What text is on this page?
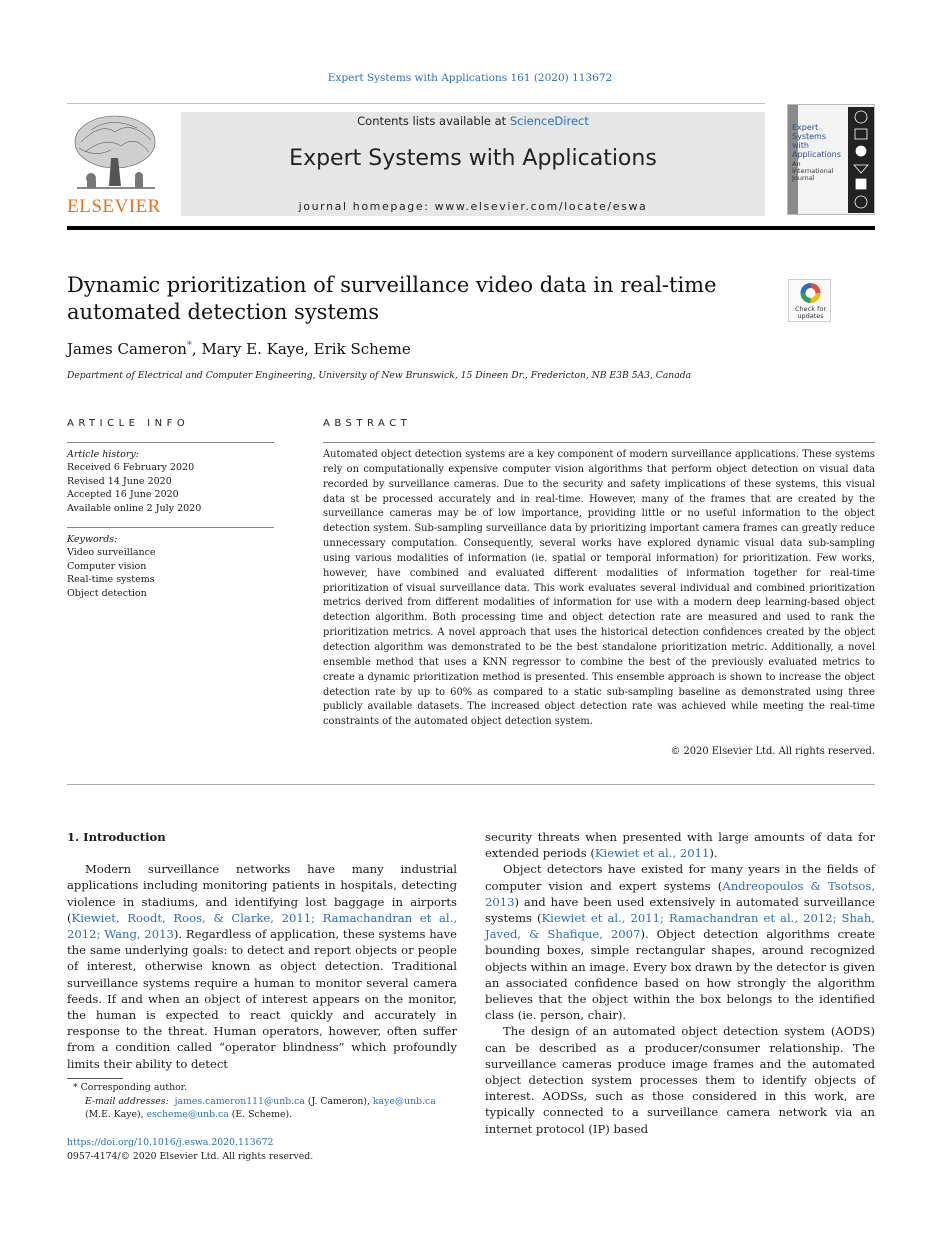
Expert Systems with Applications 161 (2020) 113672
ELSEVIER
Contents lists available at ScienceDirect
Expert Systems with Applications
journal homepage: www.elsevier.com/locate/eswa
Expert Systems with Applications
An International Journal
Dynamic prioritization of surveillance video data in real-time automated detection systems	Check for updates
James Cameron*, Mary E. Kaye, Erik Scheme
Department of Electrical and Computer Engineering, University of New Brunswick, 15 Dineen Dr., Fredericton, NB E3B 5A3, Canada
ARTICLE INFO	ABSTRACT
Article history:
Received 6 February 2020
Revised 14 June 2020
Accepted 16 June 2020
Available online 2 July 2020
Keywords:
Video surveillance
Computer vision
Real-time systems
Object detection
Automated object detection systems are a key component of modern surveillance applications. These systems rely on computationally expensive computer vision algorithms that perform object detection on visual data recorded by surveillance cameras. Due to the security and safety implications of these systems, this visual data st be processed accurately and in real-time. However, many of the frames that are created by the surveillance cameras may be of low importance, providing little or no useful information to the object detection system. Sub-sampling surveillance data by prioritizing important camera frames can greatly reduce unnecessary computation. Consequently, several works have explored dynamic visual data sub-sampling using various modalities of information (ie. spatial or temporal information) for prioritization. Few works, however, have combined and evaluated different modalities of information together for real-time prioritization of visual surveillance data. This work evaluates several individual and combined prioritization metrics derived from different modalities of information for use with a modern deep learning-based object detection algorithm. Both processing time and object detection rate are measured and used to rank the prioritization metrics. A novel approach that uses the historical detection confidences created by the object detection algorithm was demonstrated to be the best standalone prioritization metric. Additionally, a novel ensemble method that uses a KNN regressor to combine the best of the previously evaluated metrics to create a dynamic prioritization method is presented. This ensemble approach is shown to increase the object detection rate by up to 60% as compared to a static sub-sampling baseline as demonstrated using three publicly available datasets. The increased object detection rate was achieved while meeting the real-time constraints of the automated object detection system.
© 2020 Elsevier Ltd. All rights reserved.
1. Introduction

Modern surveillance networks have many industrial applications including monitoring patients in hospitals, detecting violence in stadiums, and identifying lost baggage in airports (Kiewiet, Roodt, Roos, & Clarke, 2011; Ramachandran et al., 2012; Wang, 2013). Regardless of application, these systems have the same underlying goals: to detect and report objects or people of interest, otherwise known as object detection. Traditional surveillance systems require a human to monitor several camera feeds. If and when an object of interest appears on the monitor, the human is expected to react quickly and accurately in response to the threat. Human operators, however, often suffer from a condition called “operator blindness” which profoundly limits their ability to detect

security threats when presented with large amounts of data for extended periods (Kiewiet et al., 2011).

Object detectors have existed for many years in the fields of computer vision and expert systems (Andreopoulos & Tsotsos, 2013) and have been used extensively in automated surveillance systems (Kiewiet et al., 2011; Ramachandran et al., 2012; Shah, Javed, & Shafique, 2007). Object detection algorithms create bounding boxes, simple rectangular shapes, around recognized objects within an image. Every box drawn by the detector is given an associated confidence based on how strongly the algorithm believes that the object within the box belongs to the identified class (ie. person, chair).

The design of an automated object detection system (AODS) can be described as a producer/consumer relationship. The surveillance cameras produce image frames and the automated object detection system processes them to identify objects of interest. AODSs, such as those considered in this work, are typically connected to a surveillance camera network via an internet protocol (IP) based

* Corresponding author.
E-mail addresses: james.cameron111@unb.ca (J. Cameron), kaye@unb.ca (M.E. Kaye), escheme@unb.ca (E. Scheme).
https://doi.org/10.1016/j.eswa.2020.113672
0957-4174/© 2020 Elsevier Ltd. All rights reserved.
